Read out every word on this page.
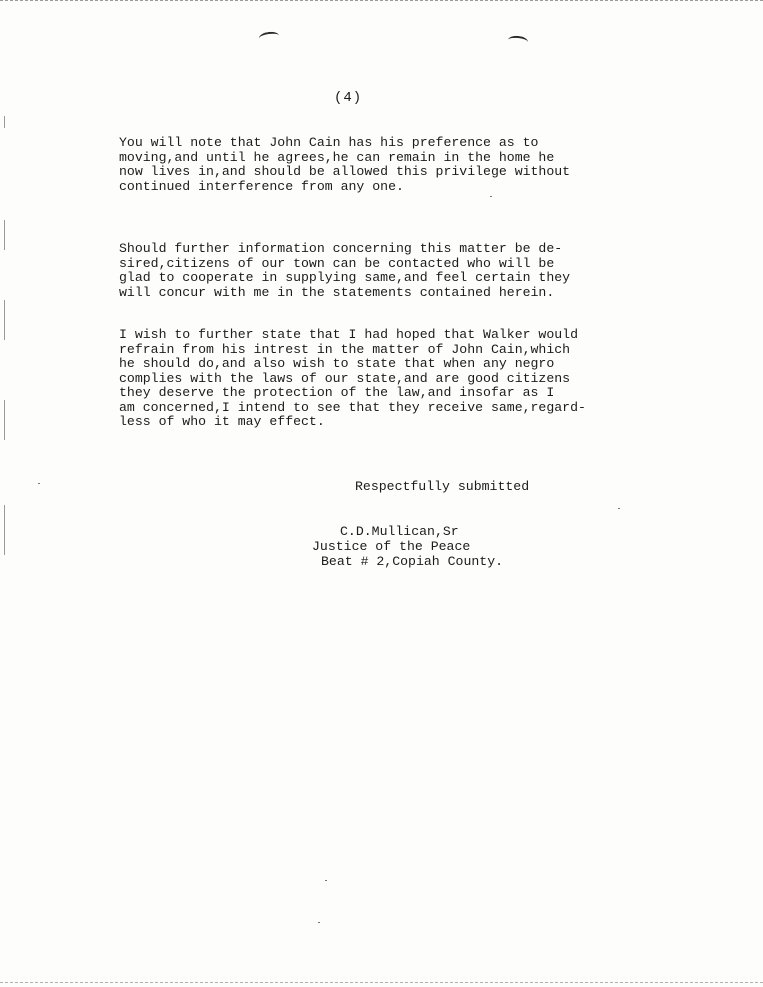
(4)

You will note that John Cain has his preference as to
moving,and until he agrees,he can remain in the home he
now lives in,and should be allowed this privilege without
continued interference from any one.

Should further information concerning this matter be de-
sired,citizens of our town can be contacted who will be
glad to cooperate in supplying same,and feel certain they
will concur with me in the statements contained herein.

I wish to further state that I had hoped that Walker would
refrain from his intrest in the matter of John Cain,which
he should do,and also wish to state that when any negro
complies with the laws of our state,and are good citizens
they deserve the protection of the law,and insofar as I
am concerned,I intend to see that they receive same,regard-
less of who it may effect.

Respectfully submitted
C.D.Mullican,Sr
Justice of the Peace
Beat # 2,Copiah County.
